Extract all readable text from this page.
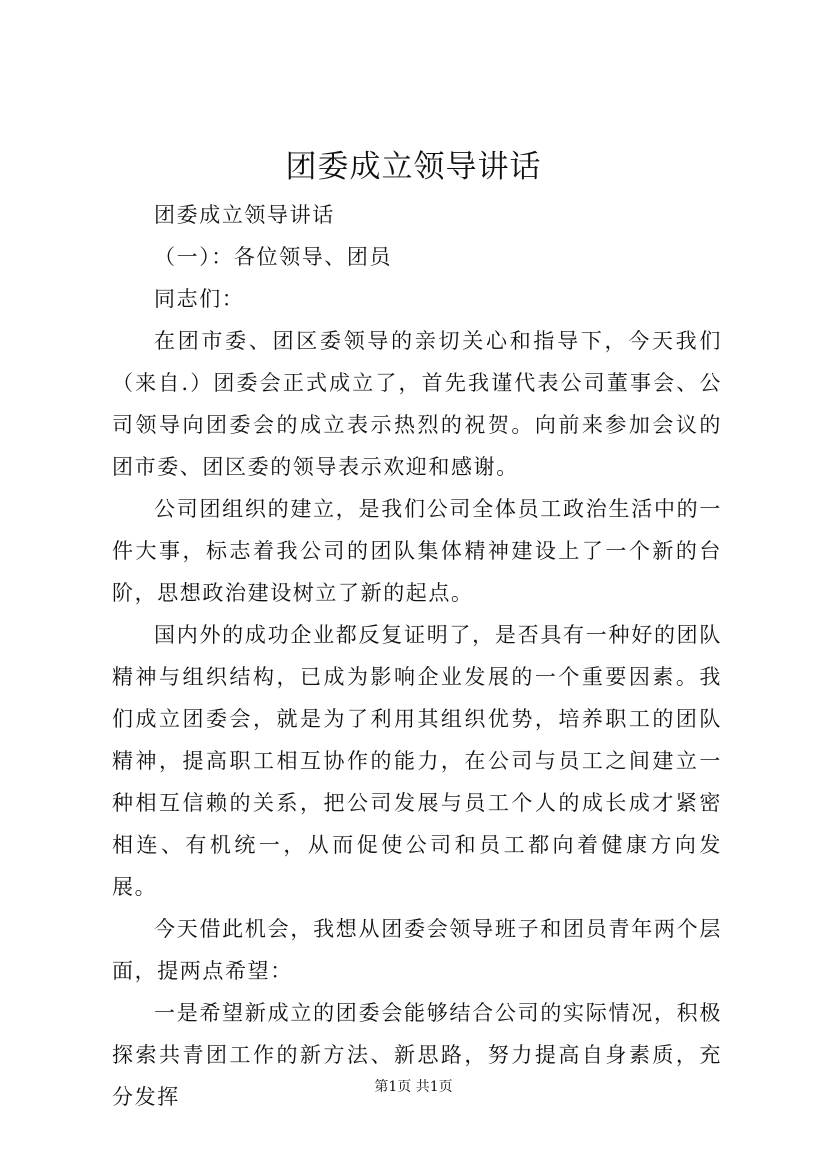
团委成立领导讲话

团委成立领导讲话

（一）：各位领导、团员

同志们：

在团市委、团区委领导的亲切关心和指导下，今天我们（来自.）团委会正式成立了，首先我谨代表公司董事会、公司领导向团委会的成立表示热烈的祝贺。向前来参加会议的团市委、团区委的领导表示欢迎和感谢。

公司团组织的建立，是我们公司全体员工政治生活中的一件大事，标志着我公司的团队集体精神建设上了一个新的台阶，思想政治建设树立了新的起点。

国内外的成功企业都反复证明了，是否具有一种好的团队精神与组织结构，已成为影响企业发展的一个重要因素。我们成立团委会，就是为了利用其组织优势，培养职工的团队精神，提高职工相互协作的能力，在公司与员工之间建立一种相互信赖的关系，把公司发展与员工个人的成长成才紧密相连、有机统一，从而促使公司和员工都向着健康方向发展。

今天借此机会，我想从团委会领导班子和团员青年两个层面，提两点希望：

一是希望新成立的团委会能够结合公司的实际情况，积极探索共青团工作的新方法、新思路，努力提高自身素质，充分发挥	第1页 共1页
